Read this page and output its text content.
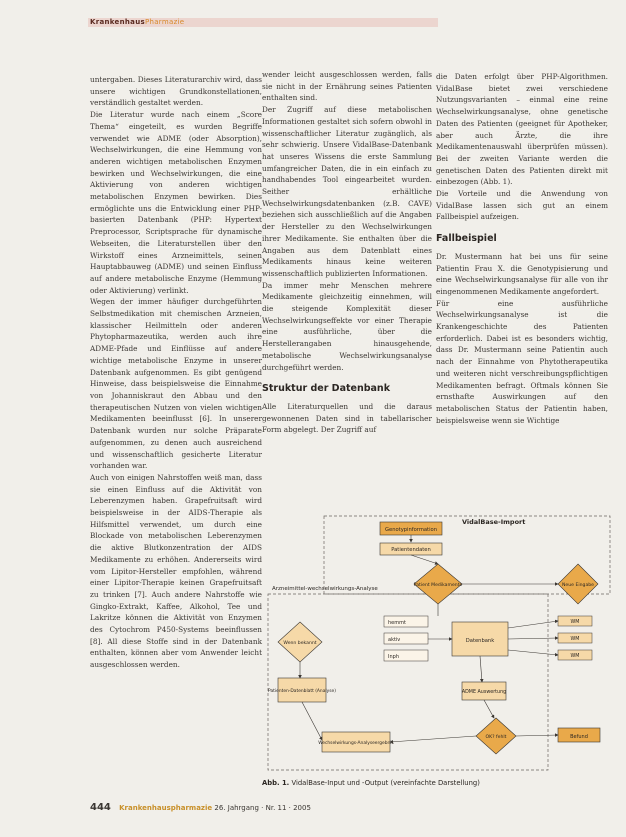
KrankenhausPharmazie

untergaben. Dieses Literaturarchiv wird, dass unsere wichtigen Grundkonstellationen, verständlich gestaltet werden.

Die Literatur wurde nach einem „Score Thema“ eingeteilt, es wurden Begriffe verwendet wie ADME (oder Absorption), Wechselwirkungen, die eine Hemmung von anderen wichtigen metabolischen Enzymen bewirken und Wechselwirkungen, die eine Aktivierung von anderen wichtigen metabolischen Enzymen bewirken. Dies ermöglichte uns die Entwicklung einer PHP-basierten Datenbank (PHP: Hypertext Preprocessor, Scriptsprache für dynamische Webseiten, die Literaturstellen über den Wirkstoff eines Arzneimittels, seinen Hauptabbauweg (ADME) und seinen Einfluss auf andere metabolische Enzyme (Hemmung oder Aktivierung) verlinkt.

Wegen der immer häufiger durchgeführten Selbstmedikation mit chemischen Arzneien, klassischer Heilmitteln oder anderen Phytopharmazeutika, werden auch ihre ADME-Pfade und Einflüsse auf andere wichtige metabolische Enzyme in unserer Datenbank aufgenommen. Es gibt genügend Hinweise, dass beispielsweise die Einnahme von Johanniskraut den Abbau und den therapeutischen Nutzen von vielen wichtigen Medikamenten beeinflusst [6]. In unserer Datenbank wurden nur solche Präparate aufgenommen, zu denen auch ausreichend und wissenschaftlich gesicherte Literatur vorhanden war.

Auch von einigen Nahrstoffen weiß man, dass sie einen Einfluss auf die Aktivität von Leberenzymen haben. Grapefruitsaft wird beispielsweise in der AIDS-Therapie als Hilfsmittel verwendet, um durch eine Blockade von metabolischen Leberenzymen die aktive Blutkonzentration der AIDS Medikamente zu erhöhen. Andererseits wird vom Lipitor-Hersteller empfohlen, während einer Lipitor-Therapie keinen Grapefruitsaft zu trinken [7]. Auch andere Nahrstoffe wie Gingko-Extrakt, Kaffee, Alkohol, Tee und Lakritze können die Aktivität von Enzymen des Cytochrom P450-Systems beeinflussen [8]. All diese Stoffe sind in der Datenbank enthalten, können aber vom Anwender leicht ausgeschlossen werden.

wender leicht ausgeschlossen werden, falls sie nicht in der Ernährung seines Patienten enthalten sind.

Der Zugriff auf diese metabolischen Informationen gestaltet sich sofern obwohl in wissenschaftlicher Literatur zugänglich, als sehr schwierig. Unsere VidalBase-Datenbank hat unseres Wissens die erste Sammlung umfangreicher Daten, die in ein einfach zu handhabendes Tool eingearbeitet wurden. Seither erhältliche Wechselwirkungsdatenbanken (z.B. CAVE) beziehen sich ausschließlich auf die Angaben der Hersteller zu den Wechselwirkungen ihrer Medikamente. Sie enthalten über die Angaben aus dem Datenblatt eines Medikaments hinaus keine weiteren wissenschaftlich publizierten Informationen.

Da immer mehr Menschen mehrere Medikamente gleichzeitig einnehmen, will die steigende Komplexität dieser Wechselwirkungseffekte vor einer Therapie eine ausführliche, über die Herstellerangaben hinausgehende, metabolische Wechselwirkungsanalyse durchgeführt werden.

Struktur der Datenbank

Alle Literaturquellen und die daraus gewonnenen Daten sind in tabellarischer Form abgelegt. Der Zugriff auf

die Daten erfolgt über PHP-Algorithmen. VidalBase bietet zwei verschiedene Nutzungsvarianten – einmal eine reine Wechselwirkungsanalyse, ohne genetische Daten des Patienten (geeignet für Apotheker, aber auch Ärzte, die ihre Medikamentenauswahl überprüfen müssen). Bei der zweiten Variante werden die genetischen Daten des Patienten direkt mit einbezogen (Abb. 1).

Die Vorteile und die Anwendung von VidalBase lassen sich gut an einem Fallbeispiel aufzeigen.

Fallbeispiel

Dr. Mustermann hat bei uns für seine Patientin Frau X. die Genotypisierung und eine Wechselwirkungsanalyse für alle von ihr eingenommenen Medikamente angefordert.

Für eine ausführliche Wechselwirkungsanalyse ist die Krankengeschichte des Patienten erforderlich. Dabei ist es besonders wichtig, dass Dr. Mustermann seine Patientin auch nach der Einnahme von Phytotherapeutika und weiteren nicht verschreibungspflichtigen Medikamenten befragt. Oftmals können Sie ernsthafte Auswirkungen auf den metabolischen Status der Patientin haben, beispielsweise wenn sie Wichtige

VidalBase-Import
Arzneimittel-wechselwirkungs-Analyse
Genotypinformation
Patientendaten
Patient Medikamente	Neue Eingabe
Wenn bekannt
Patienten-Datenblatt (Analyse)
Wechselwirkungs-Analyseergebnis
hemmt
aktiv
Inph
Datenbank
WM
WM
WM
ADME Auswertung
OK? fehlt	Befund
Abb. 1. VidalBase-Input und -Output (vereinfachte Darstellung)
444 Krankenhauspharmazie 26. Jahrgang · Nr. 11 · 2005
